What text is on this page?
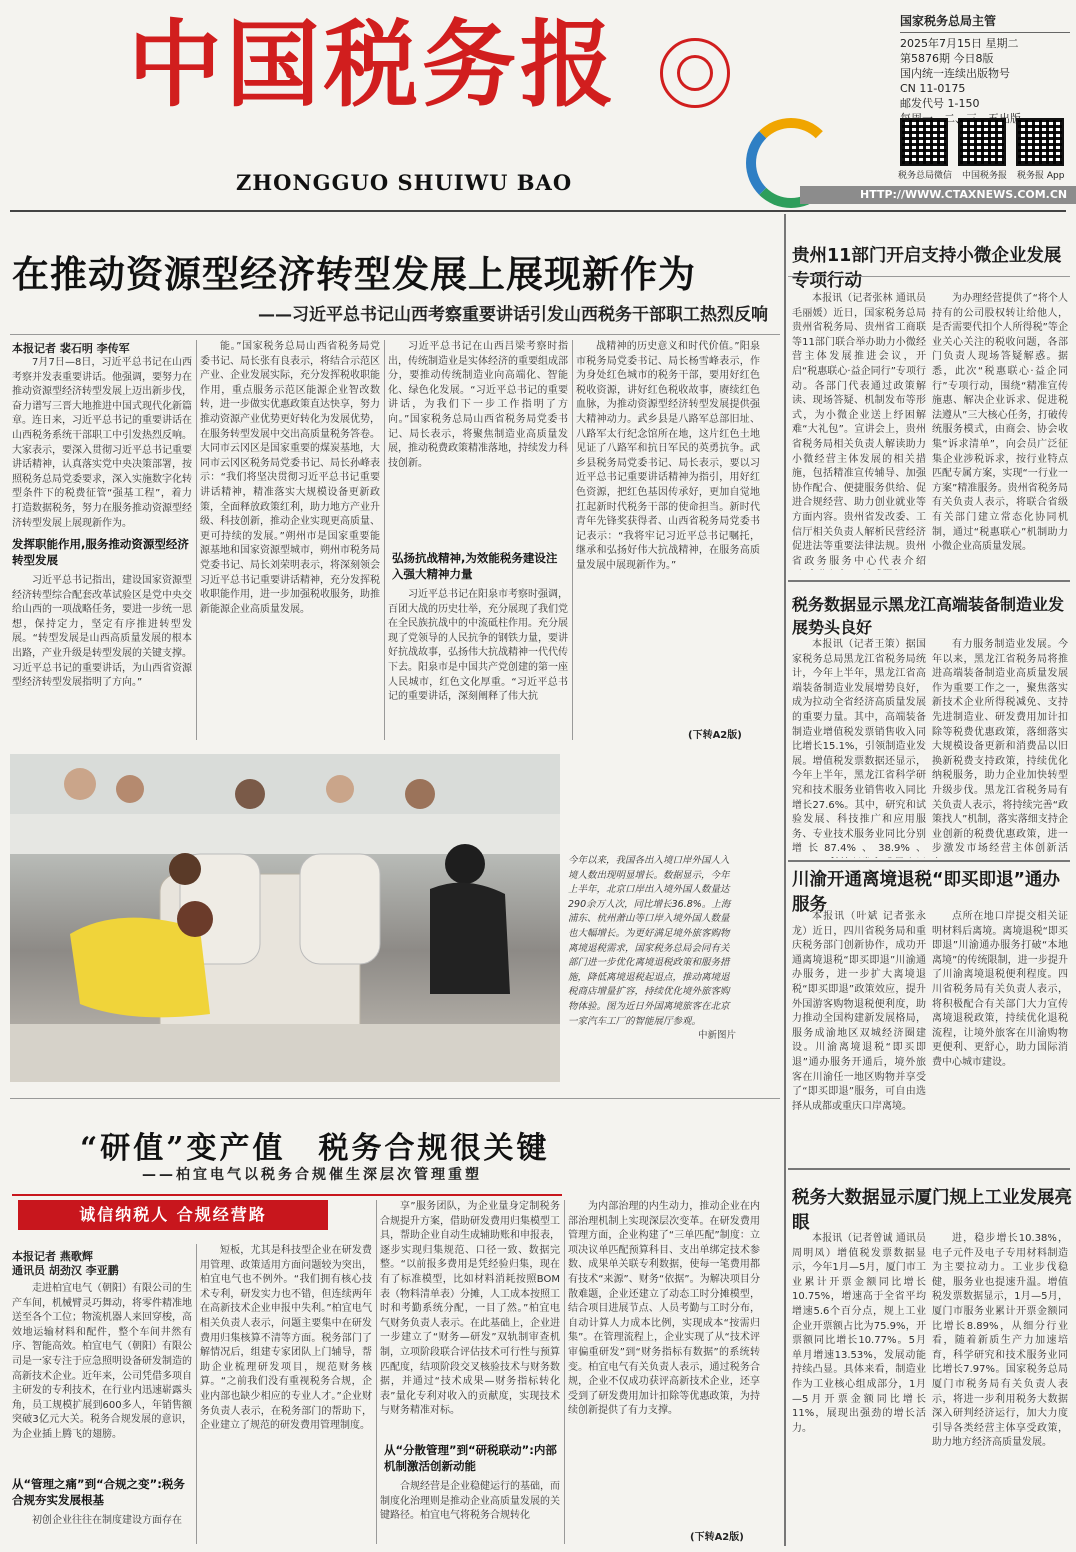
中国税务报
ZHONGGUO SHUIWU BAO
国家税务总局主管
2025年7月15日 星期二
第5876期 今日8版
国内统一连续出版物号
CN 11-0175
邮发代号 1-150
税务总局微信 中国税务报 税务报 App
HTTP://WWW.CTAXNEWS.COM.CN
在推动资源型经济转型发展上展现新作为
——习近平总书记山西考察重要讲话引发山西税务干部职工热烈反响
本报记者 裴石明 李传军

7月7日—8日，习近平总书记在山西考察并发表重要讲话。他强调，要努力在推动资源型经济转型发展上迈出新步伐，奋力谱写三晋大地推进中国式现代化新篇章。连日来，习近平总书记的重要讲话在山西税务系统干部职工中引发热烈反响。大家表示，要深入贯彻习近平总书记重要讲话精神，认真落实党中央决策部署，按照税务总局党委要求，深入实施数字化转型条件下的税费征管“强基工程”，着力打造数据税务，努力在服务推动资源型经济转型发展上展现新作为。

发挥职能作用,服务推动资源型经济转型发展

习近平总书记指出，建设国家资源型经济转型综合配套改革试验区是党中央交给山西的一项战略任务，要进一步统一思想，保持定力，坚定有序推进转型发展。“转型发展是山西高质量发展的根本出路，产业升级是转型发展的关键支撑。习近平总书记的重要讲话，为山西省资源型经济转型发展指明了方向。”

能。”国家税务总局山西省税务局党委书记、局长张有良表示，将结合示范区产业、企业发展实际，充分发挥税收职能作用，重点服务示范区能源企业智改数转，进一步做实优惠政策直达快享，努力推动资源产业优势更好转化为发展优势，在服务转型发展中交出高质量税务答卷。大同市云冈区是国家重要的煤炭基地，大同市云冈区税务局党委书记、局长孙峰表示：“我们将坚决贯彻习近平总书记重要讲话精神，精准落实大规模设备更新政策，全面释放政策红利，助力地方产业升级、科技创新，推动企业实现更高质量、更可持续的发展。”朔州市是国家重要能源基地和国家资源型城市，朔州市税务局党委书记、局长刘荣明表示，将深刻领会习近平总书记重要讲话精神，充分发挥税收职能作用，进一步加强税收服务，助推新能源企业高质量发展。

习近平总书记在山西吕梁考察时指出，传统制造业是实体经济的重要组成部分，要推动传统制造业向高端化、智能化、绿色化发展。“习近平总书记的重要讲话，为我们下一步工作指明了方向。”国家税务总局山西省税务局党委书记、局长表示，将聚焦制造业高质量发展，推动税费政策精准落地，持续发力科技创新。

弘扬抗战精神,为效能税务建设注入强大精神力量

习近平总书记在阳泉市考察时强调，百团大战的历史壮举，充分展现了我们党在全民族抗战中的中流砥柱作用。充分展现了党领导的人民抗争的钢铁力量，要讲好抗战故事，弘扬伟大抗战精神一代代传下去。阳泉市是中国共产党创建的第一座人民城市，红色文化厚重。“习近平总书记的重要讲话，深刻阐释了伟大抗

战精神的历史意义和时代价值。”阳泉市税务局党委书记、局长杨雪峰表示，作为身处红色城市的税务干部，要用好红色税收资源，讲好红色税收故事，赓续红色血脉，为推动资源型经济转型发展提供强大精神动力。武乡县是八路军总部旧址、八路军太行纪念馆所在地，这片红色土地见证了八路军和抗日军民的英勇抗争。武乡县税务局党委书记、局长表示，要以习近平总书记重要讲话精神为指引，用好红色资源，把红色基因传承好，更加自觉地扛起新时代税务干部的使命担当。新时代青年先锋奖获得者、山西省税务局党委书记表示：“我将牢记习近平总书记嘱托，继承和弘扬好伟大抗战精神，在服务高质量发展中展现新作为。”

(下转A2版)
今年以来，我国各出入境口岸外国人入境人数出现明显增长。数据显示，今年上半年，北京口岸出入境外国人数量达290余万人次，同比增长36.8%。上海浦东、杭州萧山等口岸入境外国人数量也大幅增长。为更好满足境外旅客购物离境退税需求，国家税务总局会同有关部门进一步优化离境退税政策和服务措施，降低离境退税起退点，推动离境退税商店增量扩容，持续优化境外旅客购物体验。图为近日外国离境旅客在北京一家汽车工厂的智能展厅参观。
中新图片
“研值”变产值　税务合规很关键
——柏宜电气以税务合规催生深层次管理重塑
诚信纳税人 合规经营路
本报记者 燕歌辉
通讯员 胡劲汉 李亚鹏

走进柏宜电气（朝阳）有限公司的生产车间，机械臂灵巧舞动，将零件精准地送至各个工位；物流机器人来回穿梭，高效地运输材料和配件，整个车间井然有序、智能高效。柏宜电气（朝阳）有限公司是一家专注于应急照明设备研发制造的高新技术企业。近年来，公司凭借多项自主研发的专利技术，在行业内迅速崭露头角，员工规模扩展到600多人，年销售额突破3亿元大关。税务合规发展的意识，为企业插上腾飞的翅膀。

从“管理之痛”到“合规之变”:税务合规夯实发展根基

初创企业往往在制度建设方面存在

短板，尤其是科技型企业在研发费用管理、政策适用方面问题较为突出，柏宜电气也不例外。“我们拥有核心技术专利，研发实力也不错，但连续两年在高新技术企业申报中失利。”柏宜电气相关负责人表示，问题主要集中在研发费用归集核算不清等方面。税务部门了解情况后，组建专家团队上门辅导，帮助企业梳理研发项目，规范财务核算。“之前我们没有重视税务合规，企业内部也缺少相应的专业人才。”企业财务负责人表示，在税务部门的帮助下，企业建立了规范的研发费用管理制度。

享”服务团队，为企业量身定制税务合规提升方案，借助研发费用归集模型工具，帮助企业自动生成辅助账和申报表，逐步实现归集规范、口径一致、数据完整。“以前报多费用是凭经验归集，现在有了标准模型，比如材料消耗按照BOM表（物料清单表）分摊，人工成本按照工时和考勤系统分配，一目了然。”柏宜电气财务负责人表示。在此基础上，企业进一步建立了“财务—研发”双轨制审查机制，立项阶段联合评估技术可行性与预算匹配度，结项阶段交叉核验技术与财务数据，并通过“技术成果—财务指标转化表”量化专利对收入的贡献度，实现技术与财务精准对标。

从“分散管理”到“研税联动”:内部机制激活创新动能

合规经营是企业稳健运行的基础，而制度化治理则是推动企业高质量发展的关键路径。柏宜电气将税务合规转化

为内部治理的内生动力，推动企业在内部治理机制上实现深层次变革。在研发费用管理方面，企业构建了“三单匹配”制度：立项决议单匹配预算科目、支出单绑定技术参数、成果单关联专利数据，使每一笔费用都有技术“来源”、财务“依据”。为解决项目分散难题，企业还建立了动态工时分摊模型，结合项目进展节点、人员考勤与工时分布，自动计算人力成本比例，实现成本“按需归集”。在管理流程上，企业实现了从“技术评审偏重研发”到“财务指标有数据”的系统转变。柏宜电气有关负责人表示，通过税务合规，企业不仅成功获评高新技术企业，还享受到了研发费用加计扣除等优惠政策，为持续创新提供了有力支撑。

(下转A2版)
贵州11部门开启支持小微企业发展专项行动

本报讯（记者张林 通讯员毛丽媛）近日，国家税务总局贵州省税务局、贵州省工商联等11部门联合举办助力小微经营主体发展推进会议，开启“税惠联心·益企同行”专项行动。各部门代表通过政策解读、现场答疑、机制发布等形式，为小微企业送上纾困解难“大礼包”。宣讲会上，贵州省税务局相关负责人解读助力小微经营主体发展的相关措施，包括精准宣传辅导、加强协作配合、便捷服务供给、促进合规经营、助力创业就业等方面内容。贵州省发改委、工信厅相关负责人解析民营经济促进法等重要法律法规。贵州省政务服务中心代表介绍

为办理经营提供了“将个人持有的公司股权转让给他人，是否需要代扣个人所得税”等企业关心关注的税收问题，各部门负责人现场答疑解惑。据悉，此次“税惠联心·益企同行”专项行动，围绕“精准宣传施惠、解决企业诉求、促进税法遵从”三大核心任务，打破传统服务模式，由商会、协会收集“诉求清单”，向会员广泛征集企业涉税诉求，按行业特点匹配专属方案，实现“一行业一方案”精准服务。贵州省税务局有关负责人表示，将联合省级有关部门建立常态化协同机制，通过“税惠联心”机制助力小微企业高质量发展。

税务数据显示黑龙江高端装备制造业发展势头良好

本报讯（记者王策）据国家税务总局黑龙江省税务局统计，今年上半年，黑龙江省高端装备制造业发展增势良好，成为拉动全省经济高质量发展的重要力量。其中，高端装备制造业增值税发票销售收入同比增长15.1%，引领制造业发展。增值税发票数据还显示，今年上半年，黑龙江省科学研究和技术服务业销售收入同比增长27.6%。其中，研究和试验发展、科技推广和应用服务、专业技术服务业同比分别增长87.4%、38.9%、

有力服务制造业发展。今年以来，黑龙江省税务局将推进高端装备制造业高质量发展作为重要工作之一，聚焦落实新技术企业所得税减免、支持先进制造业、研发费用加计扣除等税费优惠政策，落细落实大规模设备更新和消费品以旧换新税费支持政策，持续优化纳税服务，助力企业加快转型升级步伐。黑龙江省税务局有关负责人表示，将持续完善“政策找人”机制，落实落细支持企业创新的税费优惠政策，进一步激发市场经营主体创新活

川渝开通离境退税“即买即退”通办服务

本报讯（叶斌 记者张永龙）近日，四川省税务局和重庆税务部门创新协作，成功开通离境退税“即买即退”川渝通办服务，进一步扩大离境退税“即买即退”政策效应，提升外国游客购物退税便利度，助力推动全国构建新发展格局，服务成渝地区双城经济圈建设。川渝离境退税“即买即退”通办服务开通后，境外旅客在川渝任一地区购物并享受了“即买即退”服务，可自由选择从成都或重庆口岸离境。

点所在地口岸提交相关证明材料后离境。离境退税“即买即退”川渝通办服务打破“本地离境”的传统限制，进一步提升了川渝离境退税便利程度。四川省税务局有关负责人表示，将积极配合有关部门大力宣传离境退税政策，持续优化退税流程，让境外旅客在川渝购物更便利、更舒心，助力国际消费中心城市建设。

税务大数据显示厦门规上工业发展亮眼

本报讯（记者曾诚 通讯员周明凤）增值税发票数据显示，今年1月—5月，厦门市工业累计开票金额同比增长10.75%，增速高于全省平均增速5.6个百分点，规上工业企业开票额占比为75.9%，开票额同比增长10.77%。5月单月增速13.53%，发展动能持续凸显。具体来看，制造业作为工业核心组成部分，1月—5月开票金额同比增长11%，展现出强劲的增长活力。

进，稳步增长10.38%，电子元件及电子专用材料制造为主要拉动力。工业步伐稳健，服务业也提速升温。增值税发票数据显示，1月—5月，厦门市服务业累计开票金额同比增长8.89%，从细分行业看，随着新质生产力加速培育，科学研究和技术服务业同比增长7.97%。国家税务总局厦门市税务局有关负责人表示，将进一步利用税务大数据深入研判经济运行，加大力度引导各类经营主体享受政策，助力地方经济高质量发展。
